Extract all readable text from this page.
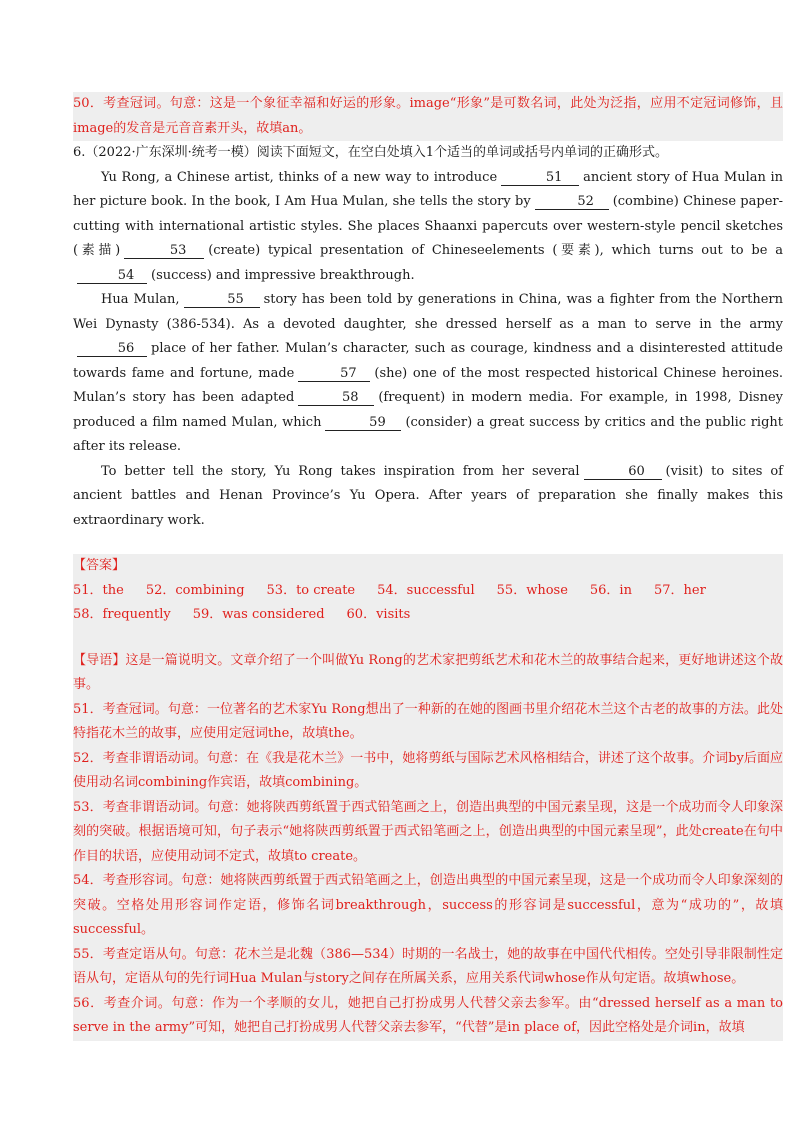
50．考查冠词。句意：这是一个象征幸福和好运的形象。image“形象”是可数名词，此处为泛指，应用不定冠词修饰，且image的发音是元音音素开头，故填an。

6.（2022·广东深圳·统考一模）阅读下面短文，在空白处填入1个适当的单词或括号内单词的正确形式。

Yu Rong, a Chinese artist, thinks of a new way to introduce	51 ancient story of Hua Mulan in her picture book. In the book, I Am Hua Mulan, she tells the story by	52 (combine) Chinese paper-cutting with international artistic styles. She places Shaanxi papercuts over western-style pencil sketches (素描)	53 (create) typical presentation of Chineseelements (要素), which turns out to be a54 (success) and impressive breakthrough.

Hua Mulan,	55 story has been told by generations in China, was a fighter from the Northern Wei Dynasty (386-534). As a devoted daughter, she dressed herself as a man to serve in the army56 place of her father. Mulan’s character, such as courage, kindness and a disinterested attitude towards fame and fortune, made	57 (she) one of the most respected historical Chinese heroines. Mulan’s story has been adapted	58 (frequent) in modern media. For example, in 1998, Disney produced a film named Mulan, which	59 (consider) a great success by critics and the public right after its release.

To better tell the story, Yu Rong takes inspiration from her several	60 (visit) to sites of ancient battles and Henan Province’s Yu Opera. After years of preparation she finally makes this extraordinary work.

【答案】

51．the 52．combining 53．to create 54．successful 55．whose 56．in 57．her
58．frequently 59．was considered 60．visits

【导语】这是一篇说明文。文章介绍了一个叫做Yu Rong的艺术家把剪纸艺术和花木兰的故事结合起来，更好地讲述这个故事。

51．考查冠词。句意：一位著名的艺术家Yu Rong想出了一种新的在她的图画书里介绍花木兰这个古老的故事的方法。此处特指花木兰的故事，应使用定冠词the，故填the。

52．考查非谓语动词。句意：在《我是花木兰》一书中，她将剪纸与国际艺术风格相结合，讲述了这个故事。介词by后面应使用动名词combining作宾语，故填combining。

53．考查非谓语动词。句意：她将陕西剪纸置于西式铅笔画之上，创造出典型的中国元素呈现，这是一个成功而令人印象深刻的突破。根据语境可知，句子表示“她将陕西剪纸置于西式铅笔画之上，创造出典型的中国元素呈现”，此处create在句中作目的状语，应使用动词不定式，故填to create。

54．考查形容词。句意：她将陕西剪纸置于西式铅笔画之上，创造出典型的中国元素呈现，这是一个成功而令人印象深刻的突破。空格处用形容词作定语，修饰名词breakthrough，success的形容词是successful，意为“成功的”，故填successful。

55．考查定语从句。句意：花木兰是北魏（386—534）时期的一名战士，她的故事在中国代代相传。空处引导非限制性定语从句，定语从句的先行词Hua Mulan与story之间存在所属关系，应用关系代词whose作从句定语。故填whose。

56．考查介词。句意：作为一个孝顺的女儿，她把自己打扮成男人代替父亲去参军。由“dressed herself as a man to serve in the army”可知，她把自己打扮成男人代替父亲去参军，“代替”是in place of，因此空格处是介词in，故填
